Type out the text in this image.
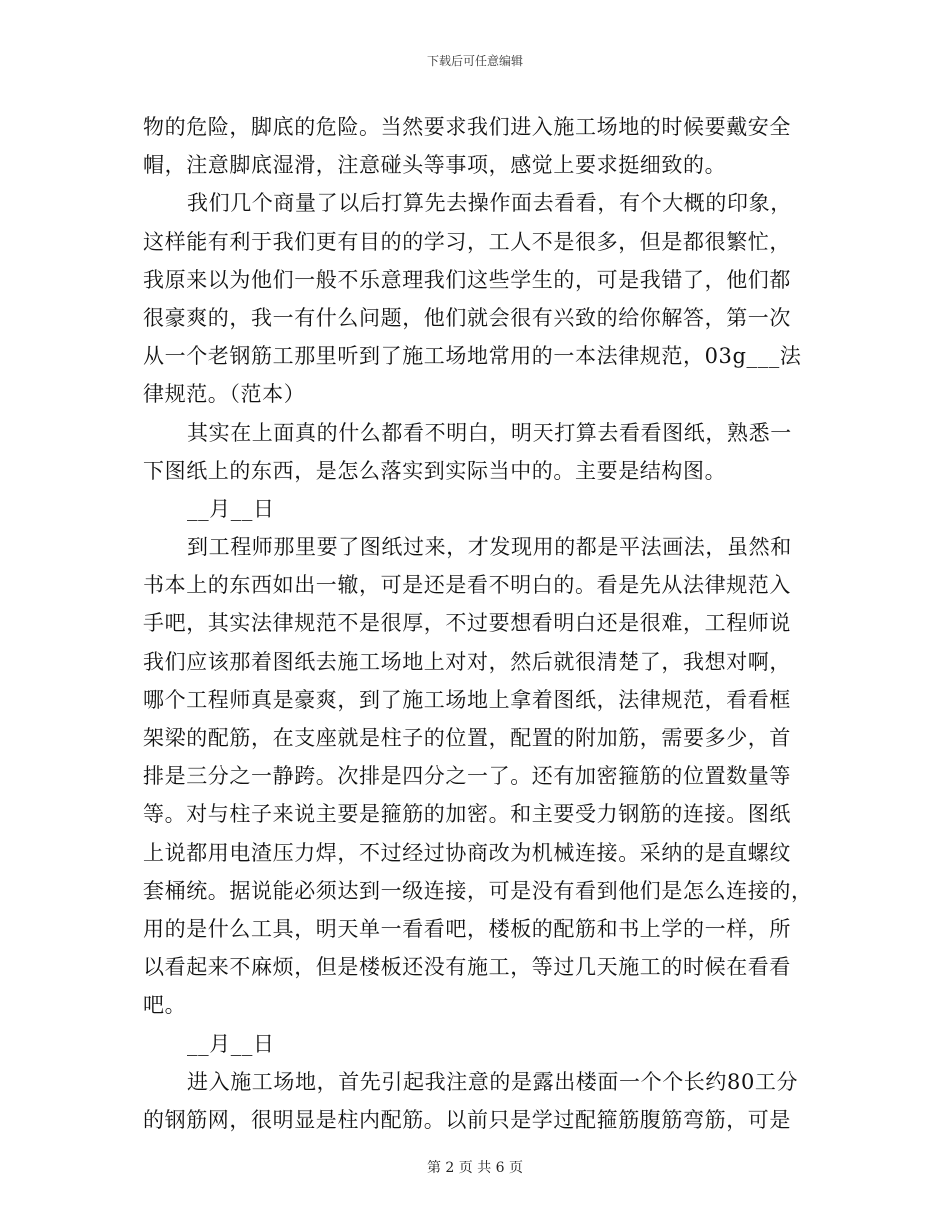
下载后可任意编辑
物的危险，脚底的危险。当然要求我们进入施工场地的时候要戴安全
帽，注意脚底湿滑，注意碰头等事项，感觉上要求挺细致的。
我们几个商量了以后打算先去操作面去看看，有个大概的印象，
这样能有利于我们更有目的的学习，工人不是很多，但是都很繁忙，
我原来以为他们一般不乐意理我们这些学生的，可是我错了，他们都
很豪爽的，我一有什么问题，他们就会很有兴致的给你解答，第一次
从一个老钢筋工那里听到了施工场地常用的一本法律规范，03g___法
律规范。（范本）
其实在上面真的什么都看不明白，明天打算去看看图纸，熟悉一
下图纸上的东西，是怎么落实到实际当中的。主要是结构图。
__月__日
到工程师那里要了图纸过来，才发现用的都是平法画法，虽然和
书本上的东西如出一辙，可是还是看不明白的。看是先从法律规范入
手吧，其实法律规范不是很厚，不过要想看明白还是很难，工程师说
我们应该那着图纸去施工场地上对对，然后就很清楚了，我想对啊，
哪个工程师真是豪爽，到了施工场地上拿着图纸，法律规范，看看框
架梁的配筋，在支座就是柱子的位置，配置的附加筋，需要多少，首
排是三分之一静跨。次排是四分之一了。还有加密箍筋的位置数量等
等。对与柱子来说主要是箍筋的加密。和主要受力钢筋的连接。图纸
上说都用电渣压力焊，不过经过协商改为机械连接。采纳的是直螺纹
套桶统。据说能必须达到一级连接，可是没有看到他们是怎么连接的，
用的是什么工具，明天单一看看吧，楼板的配筋和书上学的一样，所
以看起来不麻烦，但是楼板还没有施工，等过几天施工的时候在看看
吧。
__月__日
进入施工场地，首先引起我注意的是露出楼面一个个长约80工分
的钢筋网，很明显是柱内配筋。以前只是学过配箍筋腹筋弯筋，可是
第 2 页 共 6 页
